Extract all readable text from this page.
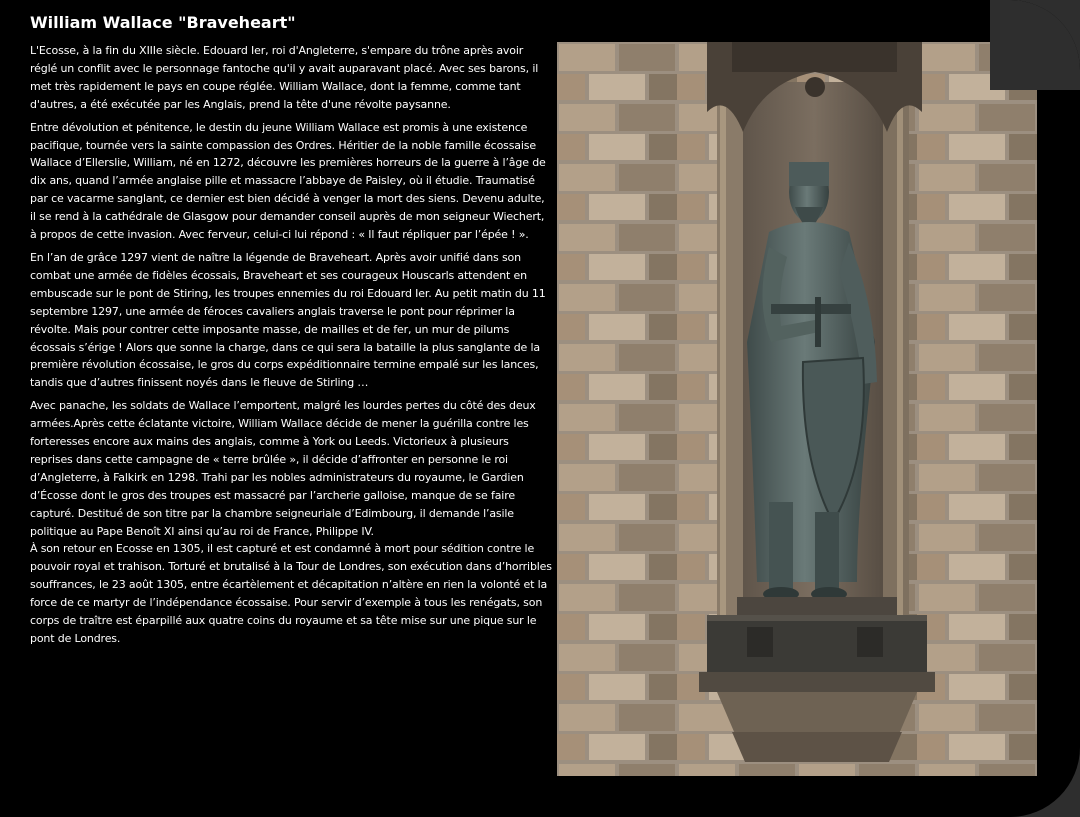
William Wallace "Braveheart"

L'Ecosse, à la fin du XIIIe siècle. Edouard Ier, roi d'Angleterre, s'empare du trône après avoir réglé un conflit avec le personnage fantoche qu'il y avait auparavant placé. Avec ses barons, il met très rapidement le pays en coupe réglée. William Wallace, dont la femme, comme tant d'autres, a été exécutée par les Anglais, prend la tête d'une révolte paysanne.

Entre dévolution et pénitence, le destin du jeune William Wallace est promis à une existence pacifique, tournée vers la sainte compassion des Ordres. Héritier de la noble famille écossaise Wallace d’Ellerslie, William, né en 1272, découvre les premières horreurs de la guerre à l’âge de dix ans, quand l’armée anglaise pille et massacre l’abbaye de Paisley, où il étudie. Traumatisé par ce vacarme sanglant, ce dernier est bien décidé à venger la mort des siens. Devenu adulte, il se rend à la cathédrale de Glasgow pour demander conseil auprès de mon seigneur Wiechert, à propos de cette invasion. Avec ferveur, celui-ci lui répond : « Il faut répliquer par l’épée ! ».

En l’an de grâce 1297 vient de naître la légende de Braveheart. Après avoir unifié dans son combat une armée de fidèles écossais, Braveheart et ses courageux Houscarls attendent en embuscade sur le pont de Stiring, les troupes ennemies du roi Edouard Ier. Au petit matin du 11 septembre 1297, une armée de féroces cavaliers anglais traverse le pont pour réprimer la révolte. Mais pour contrer cette imposante masse, de mailles et de fer, un mur de pilums écossais s’érige ! Alors que sonne la charge, dans ce qui sera la bataille la plus sanglante de la première révolution écossaise, le gros du corps expéditionnaire termine empalé sur les lances, tandis que d’autres finissent noyés dans le fleuve de Stirling …

Avec panache, les soldats de Wallace l’emportent, malgré les lourdes pertes du côté des deux armées.Après cette éclatante victoire, William Wallace décide de mener la guérilla contre les forteresses encore aux mains des anglais, comme à York ou Leeds. Victorieux à plusieurs reprises dans cette campagne de « terre brûlée », il décide d’affronter en personne le roi d’Angleterre, à Falkirk en 1298. Trahi par les nobles administrateurs du royaume, le Gardien d’Écosse dont le gros des troupes est massacré par l’archerie galloise, manque de se faire capturé. Destitué de son titre par la chambre seigneuriale d’Edimbourg, il demande l’asile politique au Pape Benoît XI ainsi qu’au roi de France, Philippe IV.

À son retour en Ecosse en 1305, il est capturé et est condamné à mort pour sédition contre le pouvoir royal et trahison. Torturé et brutalisé à la Tour de Londres, son exécution dans d’horribles souffrances, le 23 août 1305, entre écartèlement et décapitation n’altère en rien la volonté et la force de ce martyr de l’indépendance écossaise. Pour servir d’exemple à tous les renégats, son corps de traître est éparpillé aux quatre coins du royaume et sa tête mise sur une pique sur le pont de Londres.
